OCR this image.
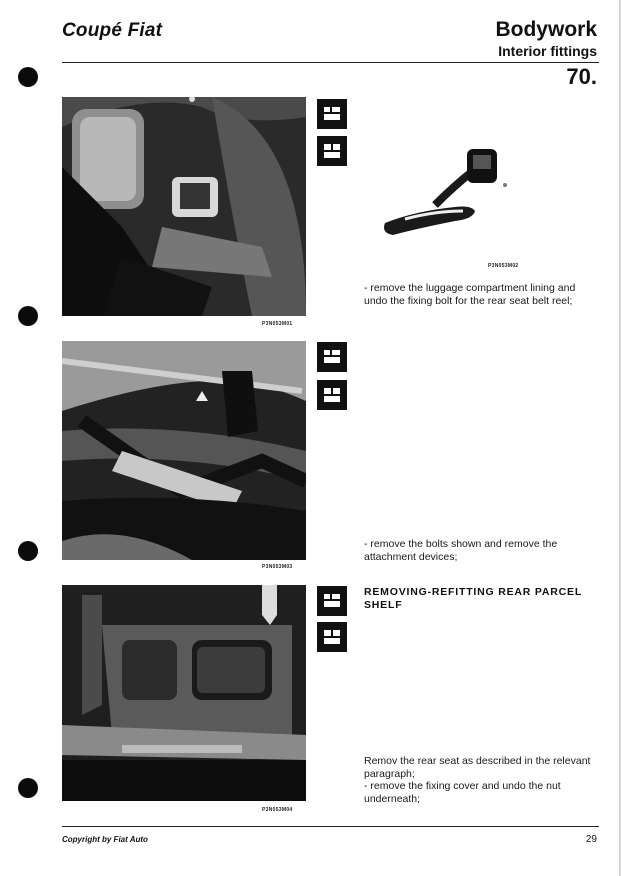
Coupé Fiat	Bodywork
Interior fittings
70.
P3N053M01
P3N053M02
P3N053M03
P3N053M04
- remove the luggage compartment lining and undo the fixing bolt for the rear seat belt reel;
- remove the bolts shown and remove the attachment devices;
REMOVING-REFITTING REAR PARCEL SHELF

Remov the rear seat as described in the relevant paragraph;

- remove the fixing cover and undo the nut underneath;

Copyright by Fiat Auto	29
